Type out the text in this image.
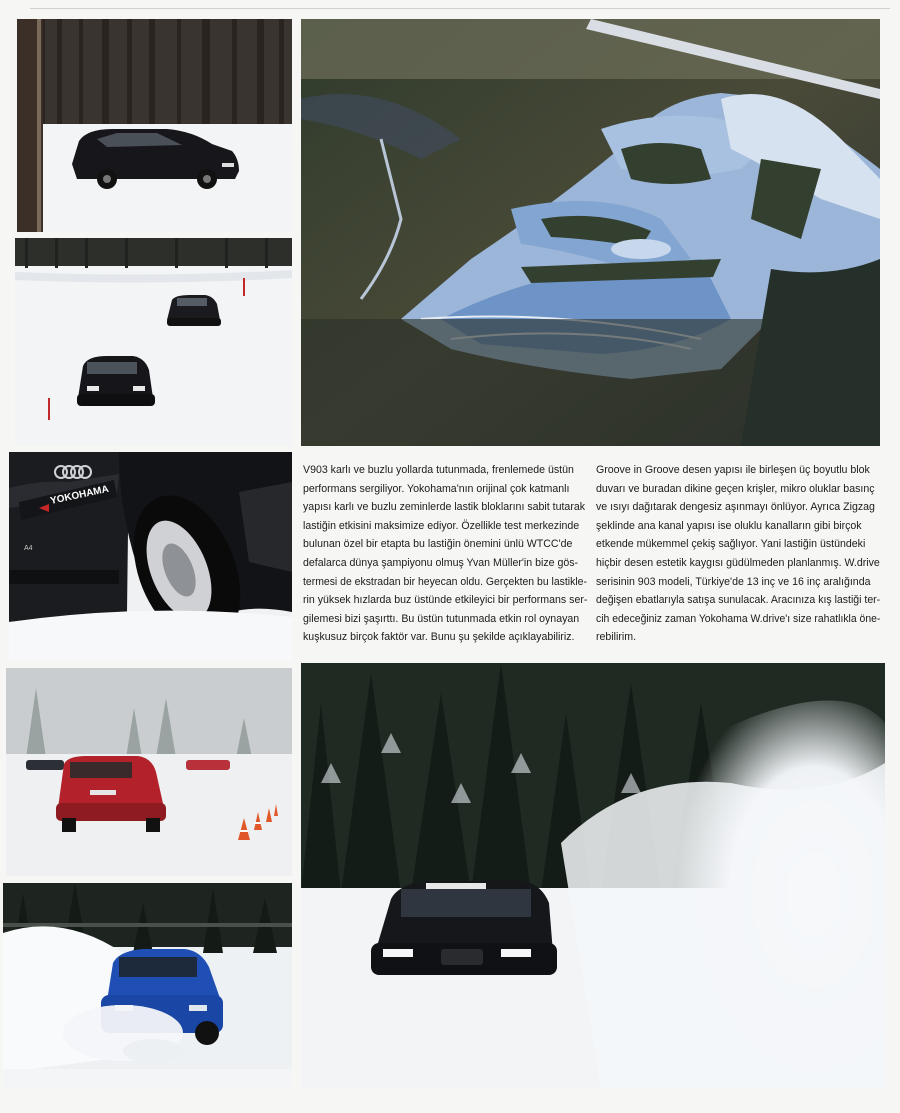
YOKOHAMA
A4
V903 karlı ve buzlu yollarda tutunmada, frenlemede üstün
performans sergiliyor. Yokohama'nın orijinal çok katmanlı
yapısı karlı ve buzlu zeminlerde lastik bloklarını sabit tutarak
lastiğin etkisini maksimize ediyor. Özellikle test merkezinde
bulunan özel bir etapta bu lastiğin önemini ünlü WTCC'de
defalarca dünya şampiyonu olmuş Yvan Müller'in bize gös-
termesi de ekstradan bir heyecan oldu. Gerçekten bu lastikle-
rin yüksek hızlarda buz üstünde etkileyici bir performans ser-
gilemesi bizi şaşırttı. Bu üstün tutunmada etkin rol oynayan
kuşkusuz birçok faktör var. Bunu şu şekilde açıklayabiliriz.
Groove in Groove desen yapısı ile birleşen üç boyutlu blok
duvarı ve buradan dikine geçen krişler, mikro oluklar basınç
ve ısıyı dağıtarak dengesiz aşınmayı önlüyor. Ayrıca Zigzag
şeklinde ana kanal yapısı ise oluklu kanalların gibi birçok
etkende mükemmel çekiş sağlıyor. Yani lastiğin üstündeki
hiçbir desen estetik kaygısı güdülmeden planlanmış. W.drive
serisinin 903 modeli, Türkiye'de 13 inç ve 16 inç aralığında
değişen ebatlarıyla satışa sunulacak. Aracınıza kış lastiği ter-
cih edeceğiniz zaman Yokohama W.drive'ı size rahatlıkla öne-
rebilirim.
